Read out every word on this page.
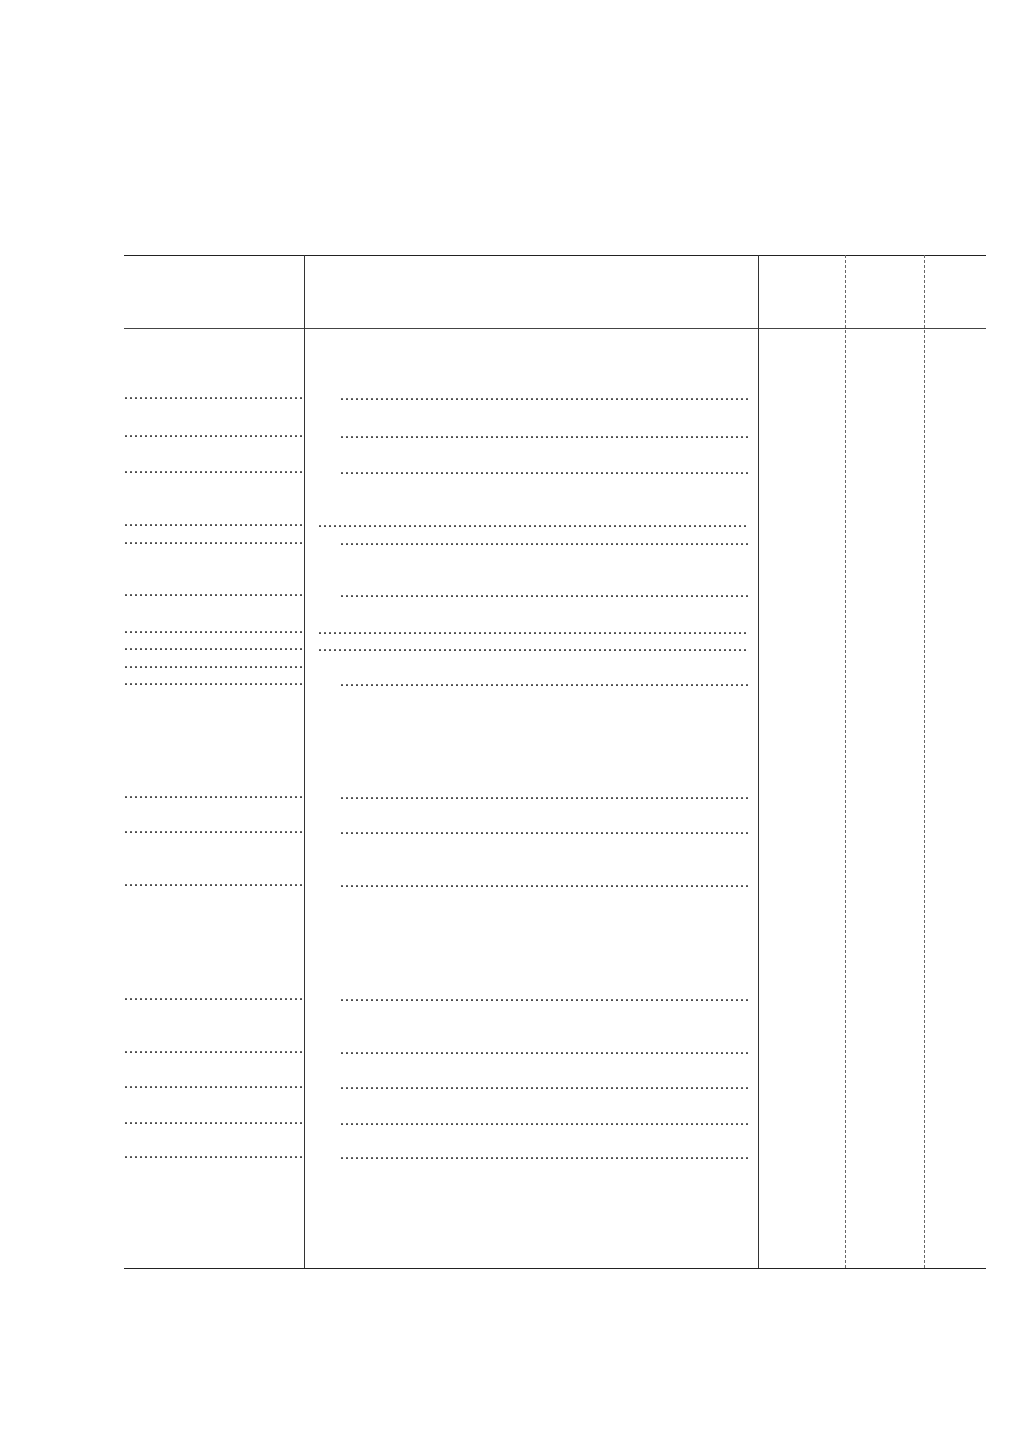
.....
.....
.....
.....
.....
.....
.....
.....
.....
.....
.....
.....
.....
.....
.....
.....
.....
.....
.....
.....
.....
.....
.....
.....
.....
.....
.....
.....
.....
.....
.....
.....
.....
.....
.....
